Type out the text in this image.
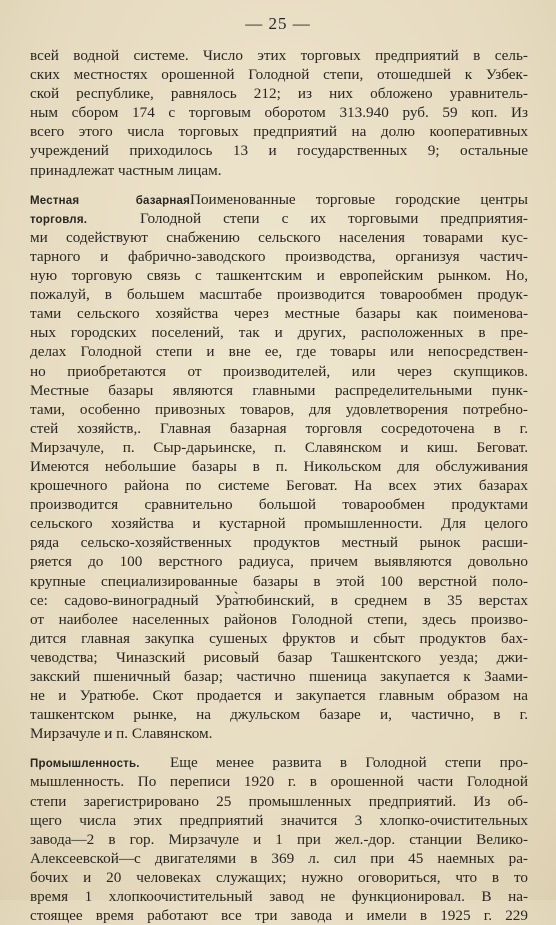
— 25 —
всей водной системе. Число этих торговых предприятий в сель-
ских местностях орошенной Голодной степи, отошедшей к Узбек-
ской республике, равнялось 212; из них обложено уравнитель-
ным сбором 174 с торговым оборотом 313.940 руб. 59 коп. Из
всего этого числа торговых предприятий на долю кооперативных
учреждений приходилось 13 и государственных 9; остальные
принадлежат частным лицам.
Местная базарнаяПоименованные торговые городские центры
торговля.	Голодной степи с их торговыми предприятия-
ми содействуют снабжению сельского населения товарами кус-
тарного и фабрично-заводского производства, организуя частич-
ную торговую связь с ташкентским и европейским рынком. Но,
пожалуй, в большем масштабе производится товарообмен продук-
тами сельского хозяйства через местные базары как поименова-
ных городских поселений, так и других, расположенных в пре-
делах Голодной степи и вне ее, где товары или непосредствен-
но приобретаются от производителей, или через скупщиков.
Местные базары являются главными распределительными пунк-
тами, особенно привозных товаров, для удовлетворения потребно-
стей хозяйств,. Главная базарная торговля сосредоточена в г.
Мирзачуле, п. Сыр-дарьинске, п. Славянском и киш. Беговат.
Имеются небольшие базары в п. Никольском для обслуживания
крошечного района по системе Беговат. На всех этих базарах
производится сравнительно большой товарообмен продуктами
сельского хозяйства и кустарной промышленности. Для целого
ряда сельско-хозяйственных продуктов местный рынок расши-
ряется до 100 верстного радиуса, причем выявляются довольно
крупные специализированные базары в этой 100 верстной поло-
се: садово-виноградный Ура̀тюбинский, в среднем в 35 верстах
от наиболее населенных районов Голодной степи, здесь произво-
дится главная закупка сушеных фруктов и сбыт продуктов бах-
чеводства; Чиназский рисовый базар Ташкентского уезда; джи-
закский пшеничный базар; частично пшеница закупается к Заами-
не и Уратюбе. Скот продается и закупается главным образом на
ташкентском рынке, на джульском базаре и, частично, в г.
Мирзачуле и п. Славянском.
Промышленность. Еще менее развита в Голодной степи про-
мышленность. По переписи 1920 г. в орошенной части Голодной
степи зарегистрировано 25 промышленных предприятий. Из об-
щего числа этих предприятий значится 3 хлопко-очистительных
завода—2 в гор. Мирзачуле и 1 при жел.-дор. станции Велико-
Алексеевской—с двигателями в 369 л. сил при 45 наемных ра-
бочих и 20 человеках служащих; нужно оговориться, что в то
время 1 хлопкоочистительный завод не функционировал. В на-
стоящее время работают все три завода и имели в 1925 г. 229
